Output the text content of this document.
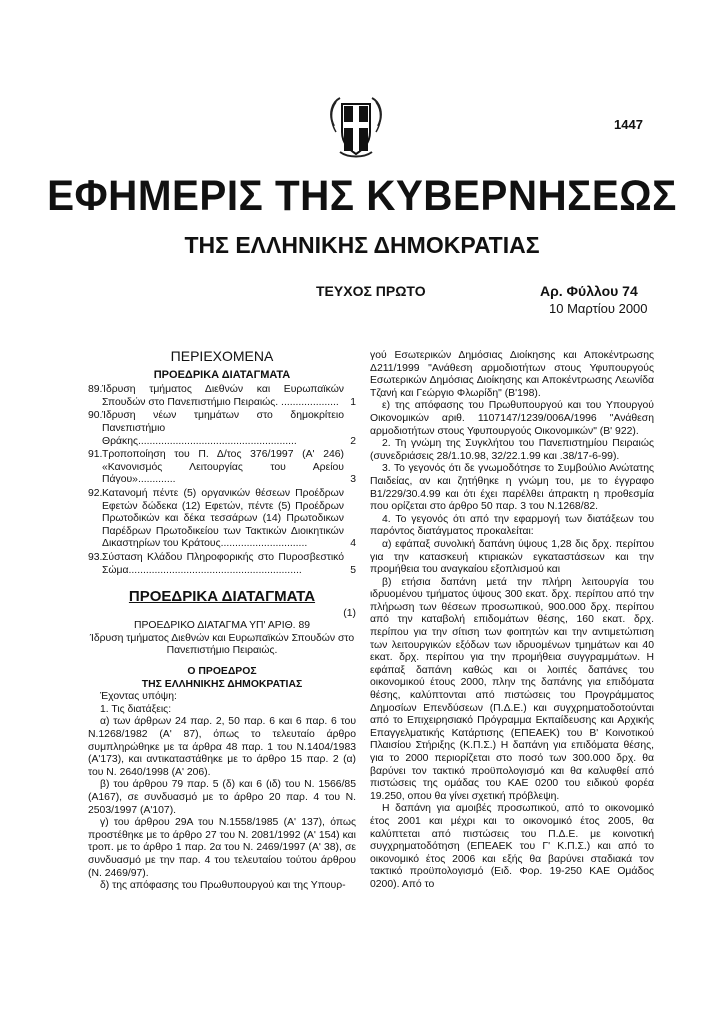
1447
ΕΦΗΜΕΡΙΣ ΤΗΣ ΚΥΒΕΡΝΗΣΕΩΣ
ΤΗΣ ΕΛΛΗΝΙΚΗΣ ΔΗΜΟΚΡΑΤΙΑΣ
ΤΕΥΧΟΣ ΠΡΩΤΟ	Αρ. Φύλλου 74
10 Μαρτίου 2000
ΠΕΡΙΕΧΟΜΕΝΑ
ΠΡΟΕΔΡΙΚΑ ΔΙΑΤΑΓΜΑΤΑ
89. Ίδρυση τμήματος Διεθνών και Ευρωπαϊκών Σπουδών στο Πανεπιστήμιο Πειραιώς. ....................	1
90. Ίδρυση νέων τμημάτων στο δημοκρίτειο Πανεπιστήμιο Θράκης.......................................................	2
91. Τροποποίηση του Π. Δ/τος 376/1997 (Α' 246) «Κανονισμός Λειτουργίας του Αρείου Πάγου».............	3
92. Κατανομή πέντε (5) οργανικών θέσεων Προέδρων Εφετών δώδεκα (12) Εφετών, πέντε (5) Προέδρων Πρωτοδικών και δέκα τεσσάρων (14) Πρωτοδικων Παρέδρων Πρωτοδικείου των Τακτικών Διοικητικών Δικαστηρίων του Κράτους..............................	4
93. Σύσταση Κλάδου Πληροφορικής στο Πυροσβεστικό Σώμα............................................................	5
ΠΡΟΕΔΡΙΚΑ ΔΙΑΤΑΓΜΑΤΑ
(1)
ΠΡΟΕΔΡΙΚΟ ΔΙΑΤΑΓΜΑ ΥΠ' ΑΡΙΘ. 89
Ίδρυση τμήματος Διεθνών και Ευρωπαϊκών Σπουδών στο Πανεπιστήμιο Πειραιώς.
Ο ΠΡΟΕΔΡΟΣ
ΤΗΣ ΕΛΛΗΝΙΚΗΣ ΔΗΜΟΚΡΑΤΙΑΣ

Έχοντας υπόψη:

1. Τις διατάξεις:

α) των άρθρων 24 παρ. 2, 50 παρ. 6 και 6 παρ. 6 του Ν.1268/1982 (Α' 87), όπως το τελευταίο άρθρο συμπληρώθηκε με τα άρθρα 48 παρ. 1 του Ν.1404/1983 (Α'173), και αντικαταστάθηκε με το άρθρο 15 παρ. 2 (α) του Ν. 2640/1998 (Α' 206).

β) του άρθρου 79 παρ. 5 (δ) και 6 (ιδ) του Ν. 1566/85 (Α167), σε συνδυασμό με το άρθρο 20 παρ. 4 του Ν. 2503/1997 (Α'107).

γ) του άρθρου 29Α του Ν.1558/1985 (Α' 137), όπως προστέθηκε με το άρθρο 27 του Ν. 2081/1992 (Α' 154) και τροπ. με το άρθρο 1 παρ. 2α του Ν. 2469/1997 (Α' 38), σε συνδυασμό με την παρ. 4 του τελευταίου τούτου άρθρου (Ν. 2469/97).

δ) της απόφασης του Πρωθυπουργού και της Υπουρ-

γού Εσωτερικών Δημόσιας Διοίκησης και Αποκέντρωσης Δ211/1999 "Ανάθεση αρμοδιοτήτων στους Υφυπουργούς Εσωτερικών Δημόσιας Διοίκησης και Αποκέντρωσης Λεωνίδα Τζανή και Γεώργιο Φλωρίδη" (Β'198).

ε) της απόφασης του Πρωθυπουργού και του Υπουργού Οικονομικών αριθ. 1107147/1239/006Α/1996 "Ανάθεση αρμοδιοτήτων στους Υφυπουργούς Οικονομικών" (Β' 922).

2. Τη γνώμη της Συγκλήτου του Πανεπιστημίου Πειραιώς (συνεδριάσεις 28/1.10.98, 32/22.1.99 και .38/17-6-99).

3. Το γεγονός ότι δε γνωμοδότησε το Συμβούλιο Ανώτατης Παιδείας, αν και ζητήθηκε η γνώμη του, με το έγγραφο Β1/229/30.4.99 και ότι έχει παρέλθει άπρακτη η προθεσμία που ορίζεται στο άρθρο 50 παρ. 3 του Ν.1268/82.

4. Το γεγονός ότι από την εφαρμογή των διατάξεων του παρόντος διατάγματος προκαλείται:

α) εφάπαξ συνολική δαπάνη ύψους 1,28 δις δρχ. περίπου για την κατασκευή κτιριακών εγκαταστάσεων και την προμήθεια του αναγκαίου εξοπλισμού και

β) ετήσια δαπάνη μετά την πλήρη λειτουργία του ιδρυομένου τμήματος ύψους 300 εκατ. δρχ. περίπου από την πλήρωση των θέσεων προσωπικού, 900.000 δρχ. περίπου από την καταβολή επιδομάτων θέσης, 160 εκατ. δρχ. περίπου για την σίτιση των φοιτητών και την αντιμετώπιση των λειτουργικών εξόδων των ιδρυομένων τμημάτων και 40 εκατ. δρχ. περίπου για την προμήθεια συγγραμμάτων. Η εφάπαξ δαπάνη καθώς και οι λοιπές δαπάνες του οικονομικού έτους 2000, πλην της δαπάνης για επιδόματα θέσης, καλύπτονται από πιστώσεις του Προγράμματος Δημοσίων Επενδύσεων (Π.Δ.Ε.) και συγχρηματοδοτούνται από το Επιχειρησιακό Πρόγραμμα Εκπαίδευσης και Αρχικής Επαγγελματικής Κατάρτισης (ΕΠΕΑΕΚ) του Β' Κοινοτικού Πλαισίου Στήριξης (Κ.Π.Σ.) Η δαπάνη για επιδόματα θέσης, για το 2000 περιορίζεται στο ποσό των 300.000 δρχ. θα βαρύνει τον τακτικό προϋπολογισμό και θα καλυφθεί από πιστώσεις της ομάδας του ΚΑΕ 0200 του ειδικού φορέα 19.250, οπου θα γίνει σχετική πρόβλεψη.

Η δαπάνη για αμοιβές προσωπικού, από το οικονομικό έτος 2001 και μέχρι και το οικονομικό έτος 2005, θα καλύπτεται από πιστώσεις του Π.Δ.Ε. με κοινοτική συγχρηματοδότηση (ΕΠΕΑΕΚ του Γ' Κ.Π.Σ.) και από το οικονομικό έτος 2006 και εξής θα βαρύνει σταδιακά τον τακτικό προϋπολογισμό (Ειδ. Φορ. 19-250 ΚΑΕ Ομάδος 0200). Από το
